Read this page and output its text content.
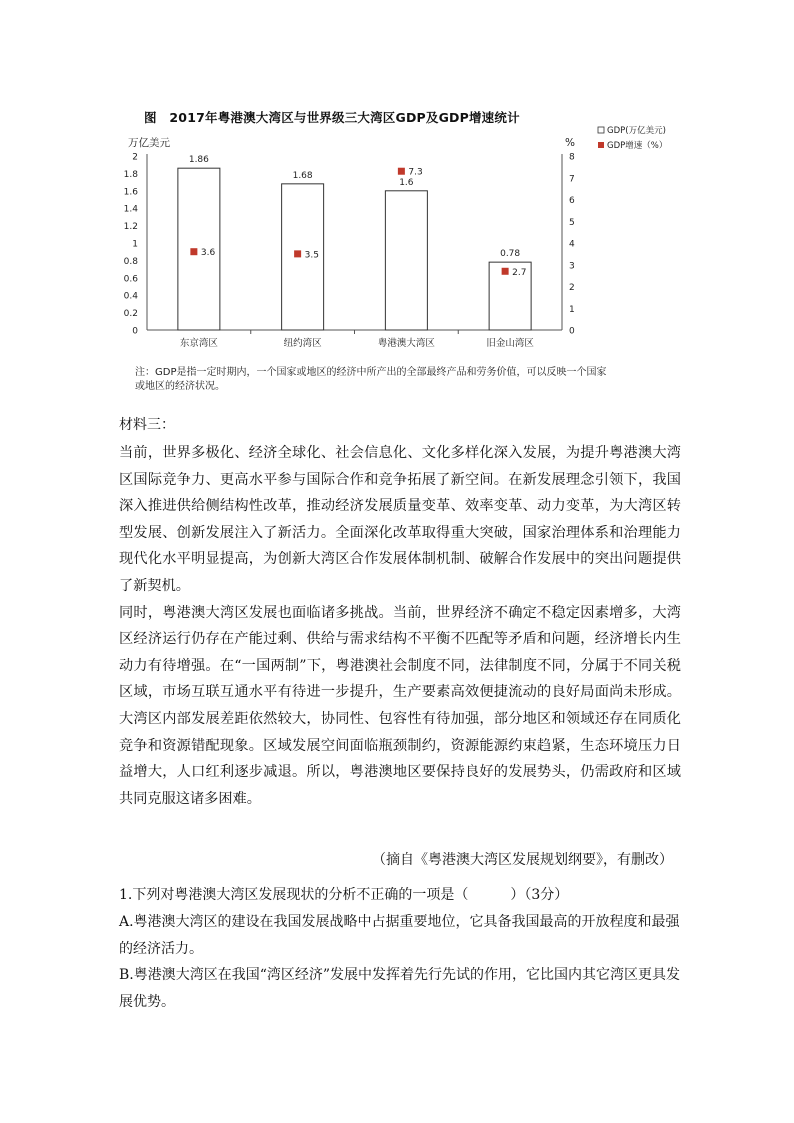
万亿美元	%
0
0.2
0.4
0.6
0.8
1
1.2
1.4
1.6
1.8
2
0
1
2
3
4
5
6
7
8
1.86
3.6
东京湾区
1.68
3.5
纽约湾区
1.6
7.3
粤港澳大湾区
0.78
2.7
旧金山湾区
GDP(万亿美元)
GDP增速（%）
图　2017年粤港澳大湾区与世界级三大湾区GDP及GDP增速统计
注：GDP是指一定时期内，一个国家或地区的经济中所产出的全部最终产品和劳务价值，可以反映一个国家或地区的经济状况。
材料三：

当前，世界多极化、经济全球化、社会信息化、文化多样化深入发展，为提升粤港澳大湾区国际竞争力、更高水平参与国际合作和竞争拓展了新空间。在新发展理念引领下，我国深入推进供给侧结构性改革，推动经济发展质量变革、效率变革、动力变革，为大湾区转型发展、创新发展注入了新活力。全面深化改革取得重大突破，国家治理体系和治理能力现代化水平明显提高，为创新大湾区合作发展体制机制、破解合作发展中的突出问题提供了新契机。

同时，粤港澳大湾区发展也面临诸多挑战。当前，世界经济不确定不稳定因素增多，大湾区经济运行仍存在产能过剩、供给与需求结构不平衡不匹配等矛盾和问题，经济增长内生动力有待增强。在“一国两制”下，粤港澳社会制度不同，法律制度不同，分属于不同关税区域，市场互联互通水平有待进一步提升，生产要素高效便捷流动的良好局面尚未形成。大湾区内部发展差距依然较大，协同性、包容性有待加强，部分地区和领域还存在同质化竞争和资源错配现象。区域发展空间面临瓶颈制约，资源能源约束趋紧，生态环境压力日益增大，人口红利逐步减退。所以，粤港澳地区要保持良好的发展势头，仍需政府和区域共同克服这诸多困难。

（摘自《粤港澳大湾区发展规划纲要》，有删改）

1.下列对粤港澳大湾区发展现状的分析不正确的一项是（　　　）（3分）

A.粤港澳大湾区的建设在我国发展战略中占据重要地位，它具备我国最高的开放程度和最强的经济活力。

B.粤港澳大湾区在我国“湾区经济”发展中发挥着先行先试的作用，它比国内其它湾区更具发展优势。
